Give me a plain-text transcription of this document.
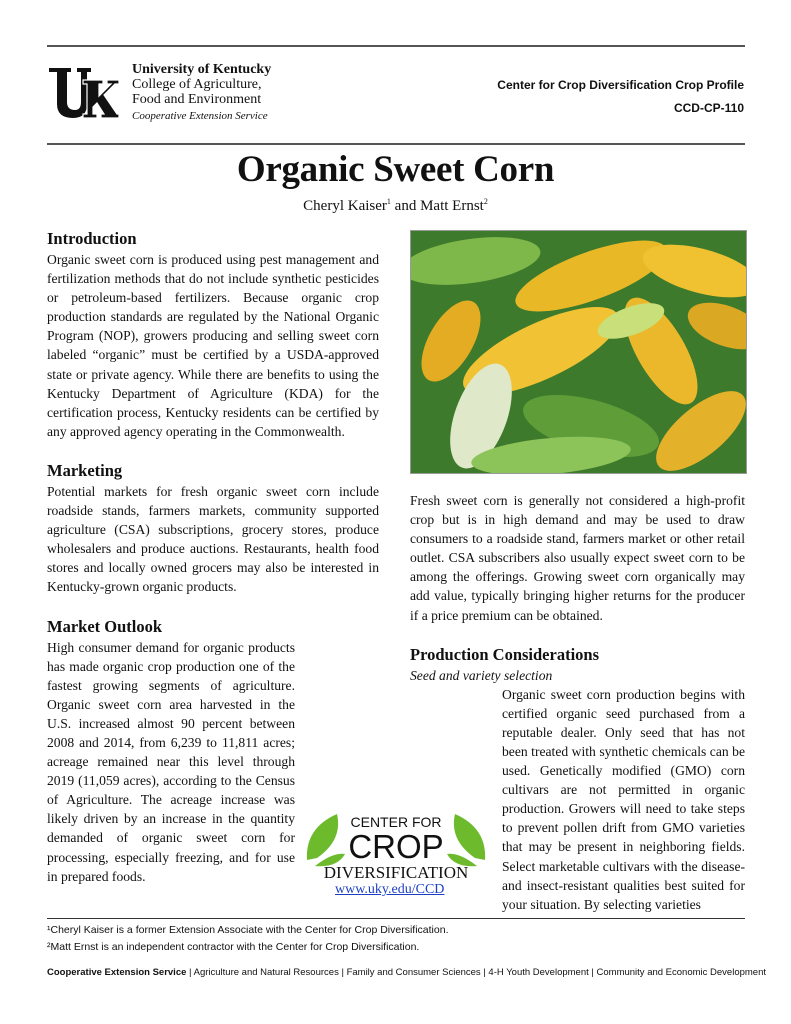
University of Kentucky
College of Agriculture,
Food and Environment
Cooperative Extension Service
Center for Crop Diversification Crop Profile
CCD-CP-110
Organic Sweet Corn
Cheryl Kaiser$^1$ and Matt Ernst$^2$
Introduction

Organic sweet corn is produced using pest management and fertilization methods that do not include synthetic pesticides or petroleum-based fertilizers. Because organic crop production standards are regulated by the National Organic Program (NOP), growers producing and selling sweet corn labeled “organic” must be certified by a USDA-approved state or private agency. While there are benefits to using the Kentucky Department of Agriculture (KDA) for the certification process, Kentucky residents can be certified by any approved agency operating in the Commonwealth.

Marketing

Potential markets for fresh organic sweet corn include roadside stands, farmers markets, community supported agriculture (CSA) subscriptions, grocery stores, produce wholesalers and produce auctions. Restaurants, health food stores and locally owned grocers may also be interested in Kentucky-grown organic products.

Market Outlook

High consumer demand for organic products has made organic crop production one of the fastest growing segments of agriculture. Organic sweet corn area harvested in the U.S. increased almost 90 percent between 2008 and 2014, from 6,239 to 11,811 acres; acreage remained near this level through 2019 (11,059 acres), according to the Census of Agriculture. The acreage increase was likely driven by an increase in the quantity demanded of organic sweet corn for processing, especially freezing, and for use in prepared foods.

Fresh sweet corn is generally not considered a high-profit crop but is in high demand and may be used to draw consumers to a roadside stand, farmers market or other retail outlet. CSA subscribers also usually expect sweet corn to be among the offerings. Growing sweet corn organically may add value, typically bringing higher returns for the producer if a price premium can be obtained.

Production Considerations
Seed and variety selection

Organic sweet corn production begins with certified organic seed purchased from a reputable dealer. Only seed that has not been treated with synthetic chemicals can be used. Genetically modified (GMO) corn cultivars are not permitted in organic production. Growers will need to take steps to prevent pollen drift from GMO varieties that may be present in neighboring fields. Select marketable cultivars with the disease- and insect-resistant qualities best suited for your situation. By selecting varieties

CENTER FOR
CROP
DIVERSIFICATION
www.uky.edu/CCD
¹Cheryl Kaiser is a former Extension Associate with the Center for Crop Diversification.
²Matt Ernst is an independent contractor with the Center for Crop Diversification.
Cooperative Extension Service | Agriculture and Natural Resources | Family and Consumer Sciences | 4-H Youth Development | Community and Economic Development
